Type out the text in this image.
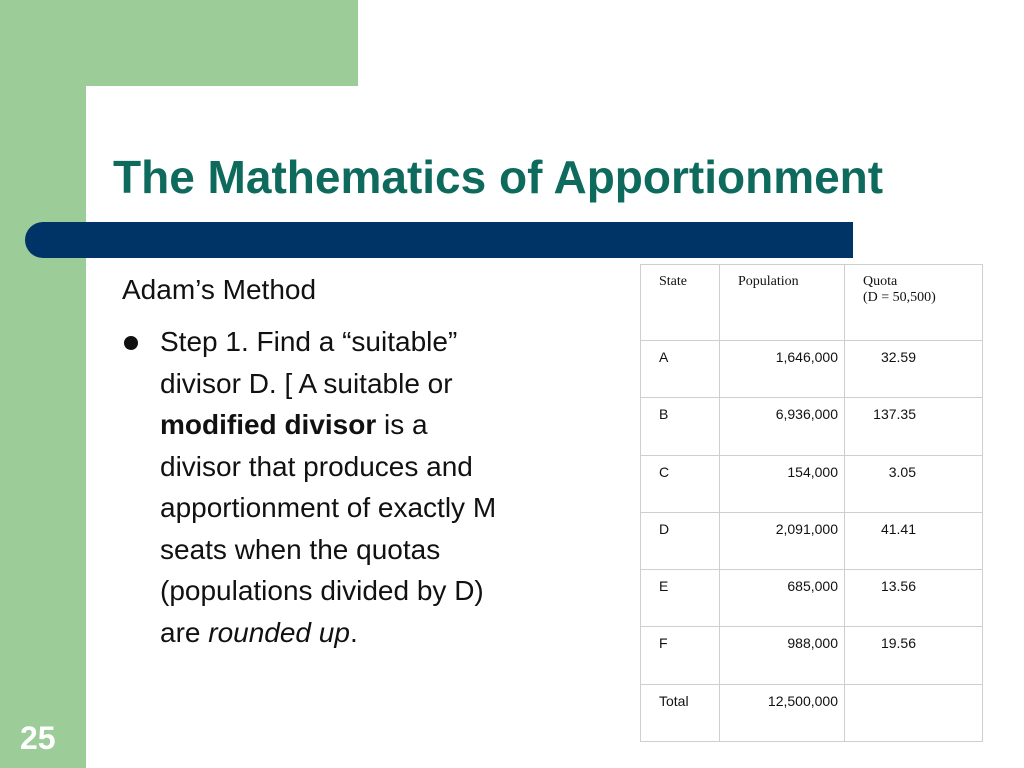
The Mathematics of Apportionment
Adam’s Method

Step 1. Find a “suitable”
divisor D. [ A suitable or
modified divisor is a
divisor that produces and
apportionment of exactly M
seats when the quotas
(populations divided by D)
are rounded up.

State	Population	Quota
(D = 50,500)
A	1,646,000	32.59
B	6,936,000	137.35
C	154,000	3.05
D	2,091,000	41.41
E	685,000	13.56
F	988,000	19.56
Total	12,500,000	
25
